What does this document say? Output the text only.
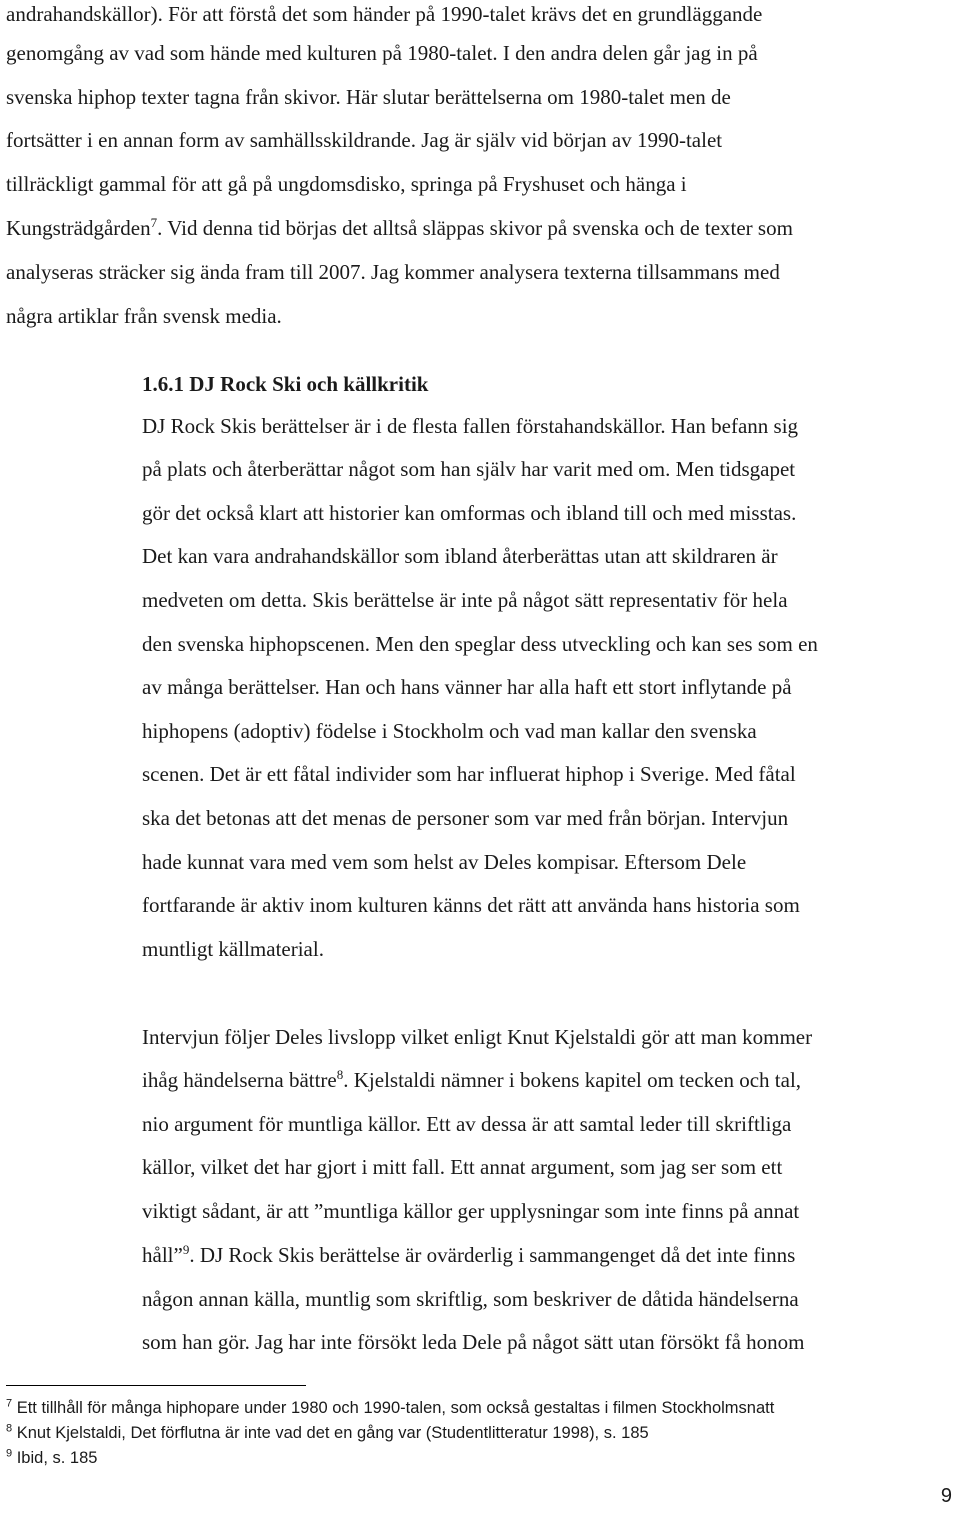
andrahandskällor). För att förstå det som händer på 1990-talet krävs det en grundläggande
genomgång av vad som hände med kulturen på 1980-talet. I den andra delen går jag in på
svenska hiphop texter tagna från skivor. Här slutar berättelserna om 1980-talet men de
fortsätter i en annan form av samhällsskildrande. Jag är själv vid början av 1990-talet
tillräckligt gammal för att gå på ungdomsdisko, springa på Fryshuset och hänga i
Kungsträdgården$^7$. Vid denna tid börjas det alltså släppas skivor på svenska och de texter som
analyseras sträcker sig ända fram till 2007. Jag kommer analysera texterna tillsammans med
några artiklar från svensk media.
1.6.1 DJ Rock Ski och källkritik
DJ Rock Skis berättelser är i de flesta fallen förstahandskällor. Han befann sig
på plats och återberättar något som han själv har varit med om. Men tidsgapet
gör det också klart att historier kan omformas och ibland till och med misstas.
Det kan vara andrahandskällor som ibland återberättas utan att skildraren är
medveten om detta. Skis berättelse är inte på något sätt representativ för hela
den svenska hiphopscenen. Men den speglar dess utveckling och kan ses som en
av många berättelser. Han och hans vänner har alla haft ett stort inflytande på
hiphopens (adoptiv) födelse i Stockholm och vad man kallar den svenska
scenen. Det är ett fåtal individer som har influerat hiphop i Sverige. Med fåtal
ska det betonas att det menas de personer som var med från början. Intervjun
hade kunnat vara med vem som helst av Deles kompisar. Eftersom Dele
fortfarande är aktiv inom kulturen känns det rätt att använda hans historia som
muntligt källmaterial.
Intervjun följer Deles livslopp vilket enligt Knut Kjelstaldi gör att man kommer
ihåg händelserna bättre$^8$. Kjelstaldi nämner i bokens kapitel om tecken och tal,
nio argument för muntliga källor. Ett av dessa är att samtal leder till skriftliga
källor, vilket det har gjort i mitt fall. Ett annat argument, som jag ser som ett
viktigt sådant, är att ”muntliga källor ger upplysningar som inte finns på annat
håll”$^9$. DJ Rock Skis berättelse är ovärderlig i sammangenget då det inte finns
någon annan källa, muntlig som skriftlig, som beskriver de dåtida händelserna
som han gör. Jag har inte försökt leda Dele på något sätt utan försökt få honom
$^7$ Ett tillhåll för många hiphopare under 1980 och 1990-talen, som också gestaltas i filmen Stockholmsnatt
$^8$ Knut Kjelstaldi, Det förflutna är inte vad det en gång var (Studentlitteratur 1998), s. 185
$^9$ Ibid, s. 185
9
